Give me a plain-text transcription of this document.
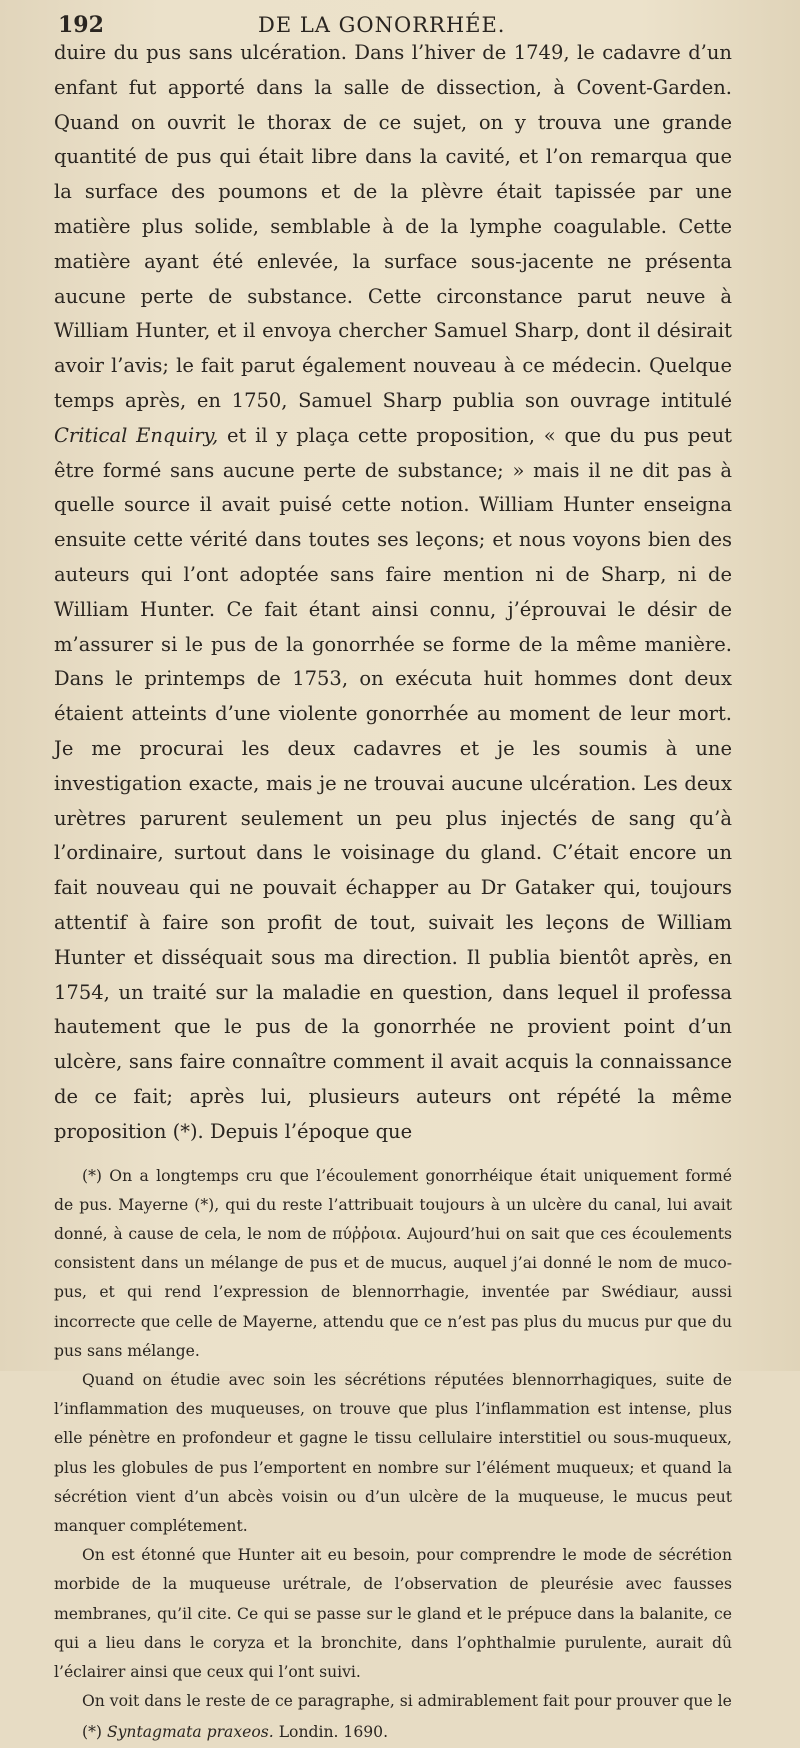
192	DE LA GONORRHÉE.

duire du pus sans ulcération. Dans l’hiver de 1749, le cadavre d’un enfant fut apporté dans la salle de dissection, à Covent-Garden. Quand on ouvrit le thorax de ce sujet, on y trouva une grande quantité de pus qui était libre dans la cavité, et l’on remarqua que la surface des poumons et de la plèvre était tapissée par une matière plus solide, semblable à de la lymphe coagulable. Cette matière ayant été enlevée, la surface sous-jacente ne présenta aucune perte de substance. Cette circonstance parut neuve à William Hunter, et il envoya chercher Samuel Sharp, dont il désirait avoir l’avis; le fait parut également nouveau à ce médecin. Quelque temps après, en 1750, Samuel Sharp publia son ouvrage intitulé Critical Enquiry, et il y plaça cette proposition, « que du pus peut être formé sans aucune perte de substance; » mais il ne dit pas à quelle source il avait puisé cette notion. William Hunter enseigna ensuite cette vérité dans toutes ses leçons; et nous voyons bien des auteurs qui l’ont adoptée sans faire mention ni de Sharp, ni de William Hunter. Ce fait étant ainsi connu, j’éprouvai le désir de m’assurer si le pus de la gonorrhée se forme de la même manière. Dans le printemps de 1753, on exécuta huit hommes dont deux étaient atteints d’une violente gonorrhée au moment de leur mort. Je me procurai les deux cadavres et je les soumis à une investigation exacte, mais je ne trouvai aucune ulcération. Les deux urètres parurent seulement un peu plus injectés de sang qu’à l’ordinaire, surtout dans le voisinage du gland. C’était encore un fait nouveau qui ne pouvait échapper au Dr Gataker qui, toujours attentif à faire son profit de tout, suivait les leçons de William Hunter et disséquait sous ma direction. Il publia bientôt après, en 1754, un traité sur la maladie en question, dans lequel il professa hautement que le pus de la gonorrhée ne provient point d’un ulcère, sans faire connaître comment il avait acquis la connaissance de ce fait; après lui, plusieurs auteurs ont répété la même proposition (*). Depuis l’époque que

(*) On a longtemps cru que l’écoulement gonorrhéique était uniquement formé de pus. Mayerne (*), qui du reste l’attribuait toujours à un ulcère du canal, lui avait donné, à cause de cela, le nom de πύῤῥοια. Aujourd’hui on sait que ces écoulements consistent dans un mélange de pus et de mucus, auquel j’ai donné le nom de muco-pus, et qui rend l’expression de blennorrhagie, inventée par Swédiaur, aussi incorrecte que celle de Mayerne, attendu que ce n’est pas plus du mucus pur que du pus sans mélange.

Quand on étudie avec soin les sécrétions réputées blennorrhagiques, suite de l’inflammation des muqueuses, on trouve que plus l’inflammation est intense, plus elle pénètre en profondeur et gagne le tissu cellulaire interstitiel ou sous-muqueux, plus les globules de pus l’emportent en nombre sur l’élément muqueux; et quand la sécrétion vient d’un abcès voisin ou d’un ulcère de la muqueuse, le mucus peut manquer complétement.

On est étonné que Hunter ait eu besoin, pour comprendre le mode de sécrétion morbide de la muqueuse urétrale, de l’observation de pleurésie avec fausses membranes, qu’il cite. Ce qui se passe sur le gland et le prépuce dans la balanite, ce qui a lieu dans le coryza et la bronchite, dans l’ophthalmie purulente, aurait dû l’éclairer ainsi que ceux qui l’ont suivi.

On voit dans le reste de ce paragraphe, si admirablement fait pour prouver que le

(*) Syntagmata praxeos. Londin. 1690.
